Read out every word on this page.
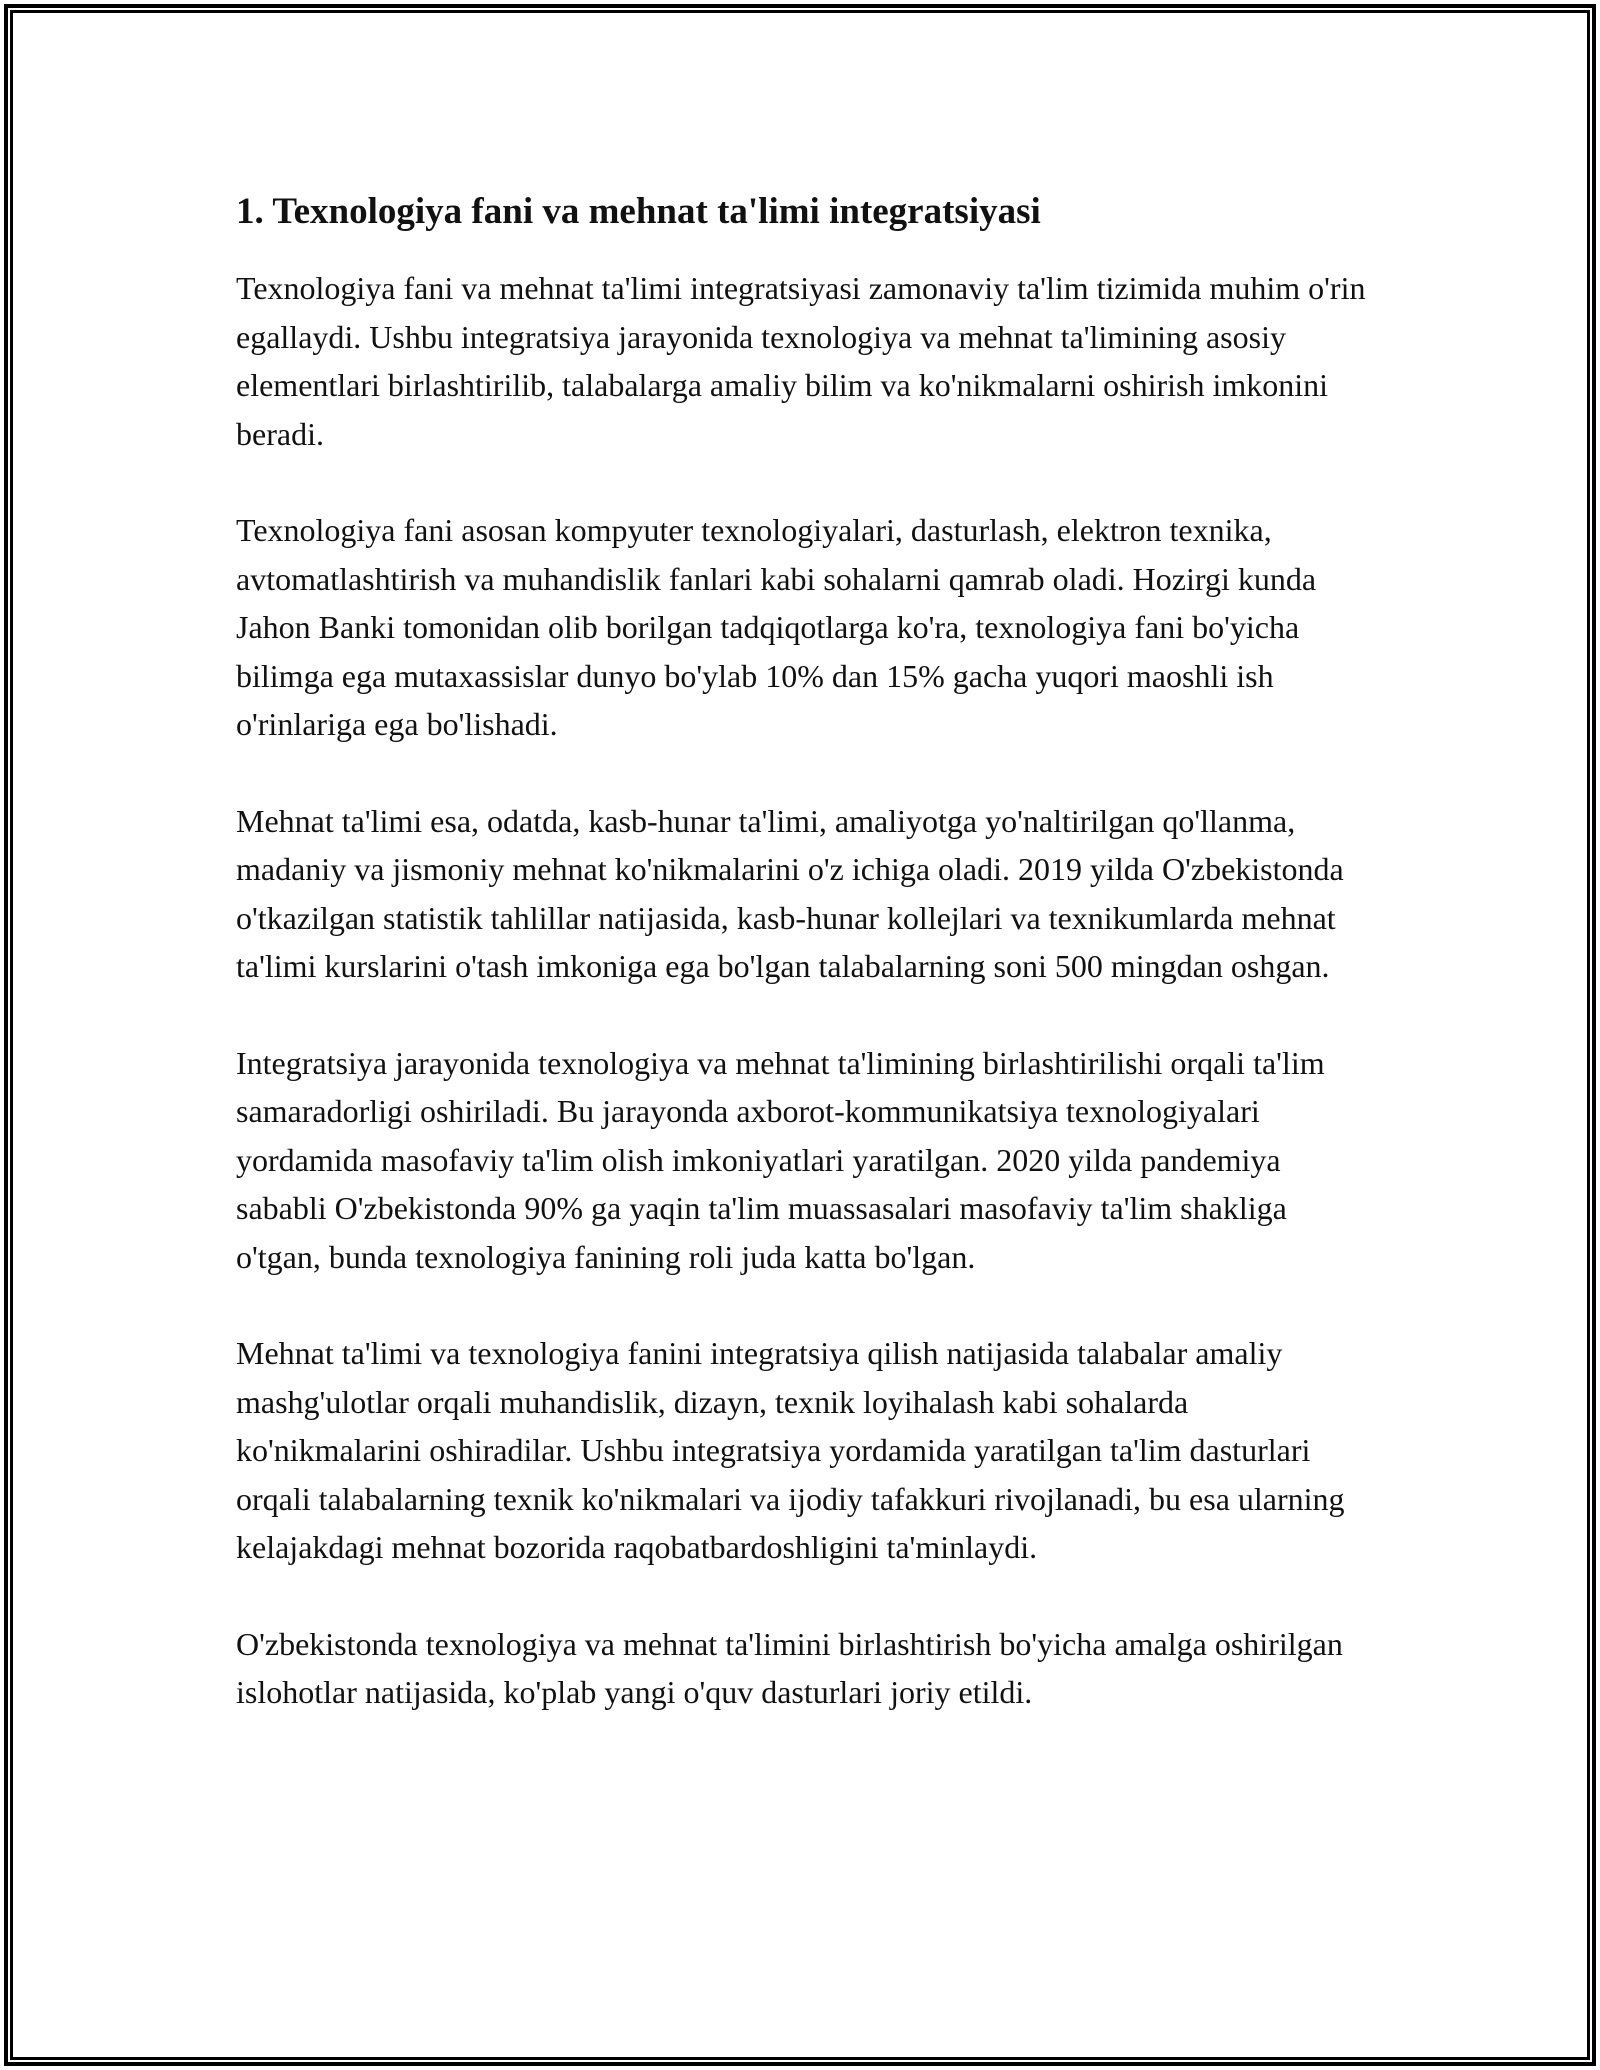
1. Texnologiya fani va mehnat ta'limi integratsiyasi

Texnologiya fani va mehnat ta'limi integratsiyasi zamonaviy ta'lim tizimida muhim o'rin egallaydi. Ushbu integratsiya jarayonida texnologiya va mehnat ta'limining asosiy elementlari birlashtirilib, talabalarga amaliy bilim va ko'nikmalarni oshirish imkonini beradi.

Texnologiya fani asosan kompyuter texnologiyalari, dasturlash, elektron texnika, avtomatlashtirish va muhandislik fanlari kabi sohalarni qamrab oladi. Hozirgi kunda Jahon Banki tomonidan olib borilgan tadqiqotlarga ko'ra, texnologiya fani bo'yicha bilimga ega mutaxassislar dunyo bo'ylab 10% dan 15% gacha yuqori maoshli ish o'rinlariga ega bo'lishadi.

Mehnat ta'limi esa, odatda, kasb-hunar ta'limi, amaliyotga yo'naltirilgan qo'llanma, madaniy va jismoniy mehnat ko'nikmalarini o'z ichiga oladi. 2019 yilda O'zbekistonda o'tkazilgan statistik tahlillar natijasida, kasb-hunar kollejlari va texnikumlarda mehnat ta'limi kurslarini o'tash imkoniga ega bo'lgan talabalarning soni 500 mingdan oshgan.

Integratsiya jarayonida texnologiya va mehnat ta'limining birlashtirilishi orqali ta'lim samaradorligi oshiriladi. Bu jarayonda axborot-kommunikatsiya texnologiyalari yordamida masofaviy ta'lim olish imkoniyatlari yaratilgan. 2020 yilda pandemiya sababli O'zbekistonda 90% ga yaqin ta'lim muassasalari masofaviy ta'lim shakliga o'tgan, bunda texnologiya fanining roli juda katta bo'lgan.

Mehnat ta'limi va texnologiya fanini integratsiya qilish natijasida talabalar amaliy mashg'ulotlar orqali muhandislik, dizayn, texnik loyihalash kabi sohalarda ko'nikmalarini oshiradilar. Ushbu integratsiya yordamida yaratilgan ta'lim dasturlari orqali talabalarning texnik ko'nikmalari va ijodiy tafakkuri rivojlanadi, bu esa ularning kelajakdagi mehnat bozorida raqobatbardoshligini ta'minlaydi.

O'zbekistonda texnologiya va mehnat ta'limini birlashtirish bo'yicha amalga oshirilgan islohotlar natijasida, ko'plab yangi o'quv dasturlari joriy etildi.
